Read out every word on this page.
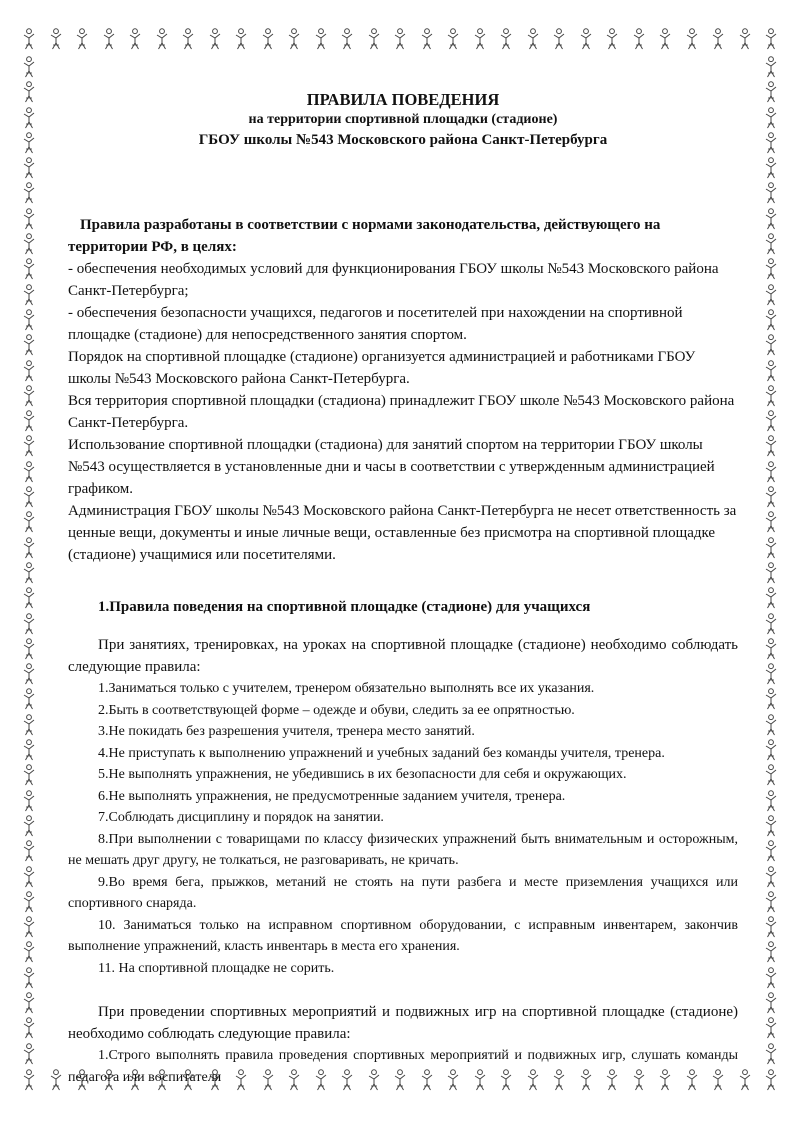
ПРАВИЛА ПОВЕДЕНИЯ
на территории спортивной площадки (стадионе)
ГБОУ школы №543 Московского района Санкт-Петербурга

Правила разработаны в соответствии с нормами законодательства, действующего на территории РФ, в целях:

- обеспечения необходимых условий для функционирования ГБОУ школы №543 Московского района Санкт-Петербурга;

- обеспечения безопасности учащихся, педагогов и посетителей при нахождении на спортивной площадке (стадионе) для непосредственного занятия спортом.

Порядок на спортивной площадке (стадионе) организуется администрацией и работниками ГБОУ школы №543 Московского района Санкт-Петербурга.

Вся территория спортивной площадки (стадиона) принадлежит ГБОУ школе №543 Московского района Санкт-Петербурга.

Использование спортивной площадки (стадиона) для занятий спортом на территории ГБОУ школы №543 осуществляется в установленные дни и часы в соответствии с утвержденным администрацией графиком.

Администрация ГБОУ школы №543 Московского района Санкт-Петербурга не несет ответственность за ценные вещи, документы и иные личные вещи, оставленные без присмотра на спортивной площадке (стадионе) учащимися или посетителями.

1.Правила поведения на спортивной площадке (стадионе) для учащихся

При занятиях, тренировках, на уроках на спортивной площадке (стадионе) необходимо соблюдать следующие правила:

1.Заниматься только с учителем, тренером обязательно выполнять все их указания.

2.Быть в соответствующей форме – одежде и обуви, следить за ее опрятностью.

3.Не покидать без разрешения учителя, тренера место занятий.

4.Не приступать к выполнению упражнений и учебных заданий без команды учителя, тренера.

5.Не выполнять упражнения, не убедившись в их безопасности для себя и окружающих.

6.Не выполнять упражнения, не предусмотренные заданием учителя, тренера.

7.Соблюдать дисциплину и порядок на занятии.

8.При выполнении с товарищами по классу физических упражнений быть внимательным и осторожным, не мешать друг другу, не толкаться, не разговаривать, не кричать.

9.Во время бега, прыжков, метаний не стоять на пути разбега и месте приземления учащихся или спортивного снаряда.

10. Заниматься только на исправном спортивном оборудовании, с исправным инвентарем, закончив выполнение упражнений, класть инвентарь в места его хранения.

11. На спортивной площадке не сорить.

При проведении спортивных мероприятий и подвижных игр на спортивной площадке (стадионе) необходимо соблюдать следующие правила:

1.Строго выполнять правила проведения спортивных мероприятий и подвижных игр, слушать команды педагога или воспитателя
